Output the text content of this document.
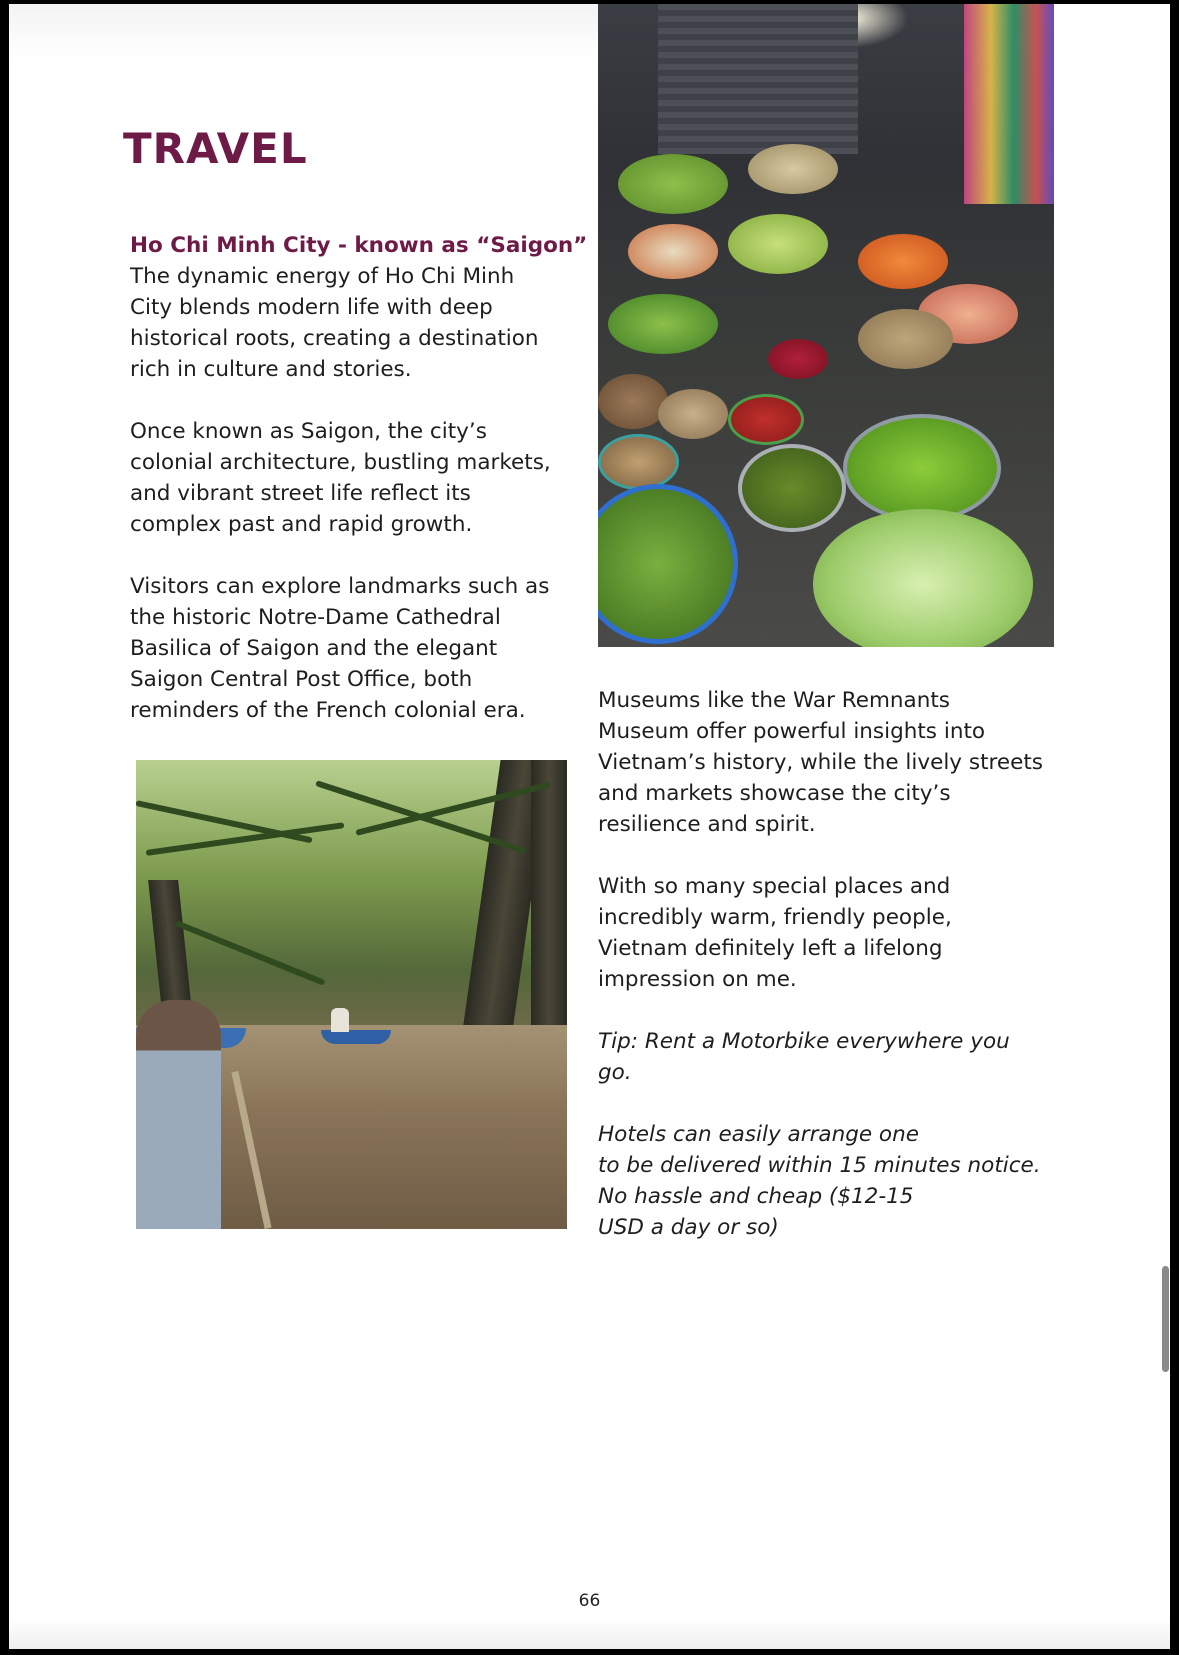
TRAVEL
Ho Chi Minh City - known as “Saigon”

The dynamic energy of Ho Chi Minh
City blends modern life with deep
historical roots, creating a destination
rich in culture and stories.

Once known as Saigon, the city’s
colonial architecture, bustling markets,
and vibrant street life reflect its
complex past and rapid growth.

Visitors can explore landmarks such as
the historic Notre-Dame Cathedral
Basilica of Saigon and the elegant
Saigon Central Post Office, both
reminders of the French colonial era.	Museums like the War Remnants
Museum offer powerful insights into
Vietnam’s history, while the lively streets
and markets showcase the city’s
resilience and spirit.

With so many special places and
incredibly warm, friendly people,
Vietnam definitely left a lifelong
impression on me.

Tip: Rent a Motorbike everywhere you
go.

Hotels can easily arrange one
to be delivered within 15 minutes notice.
No hassle and cheap ($12-15
USD a day or so)

66
